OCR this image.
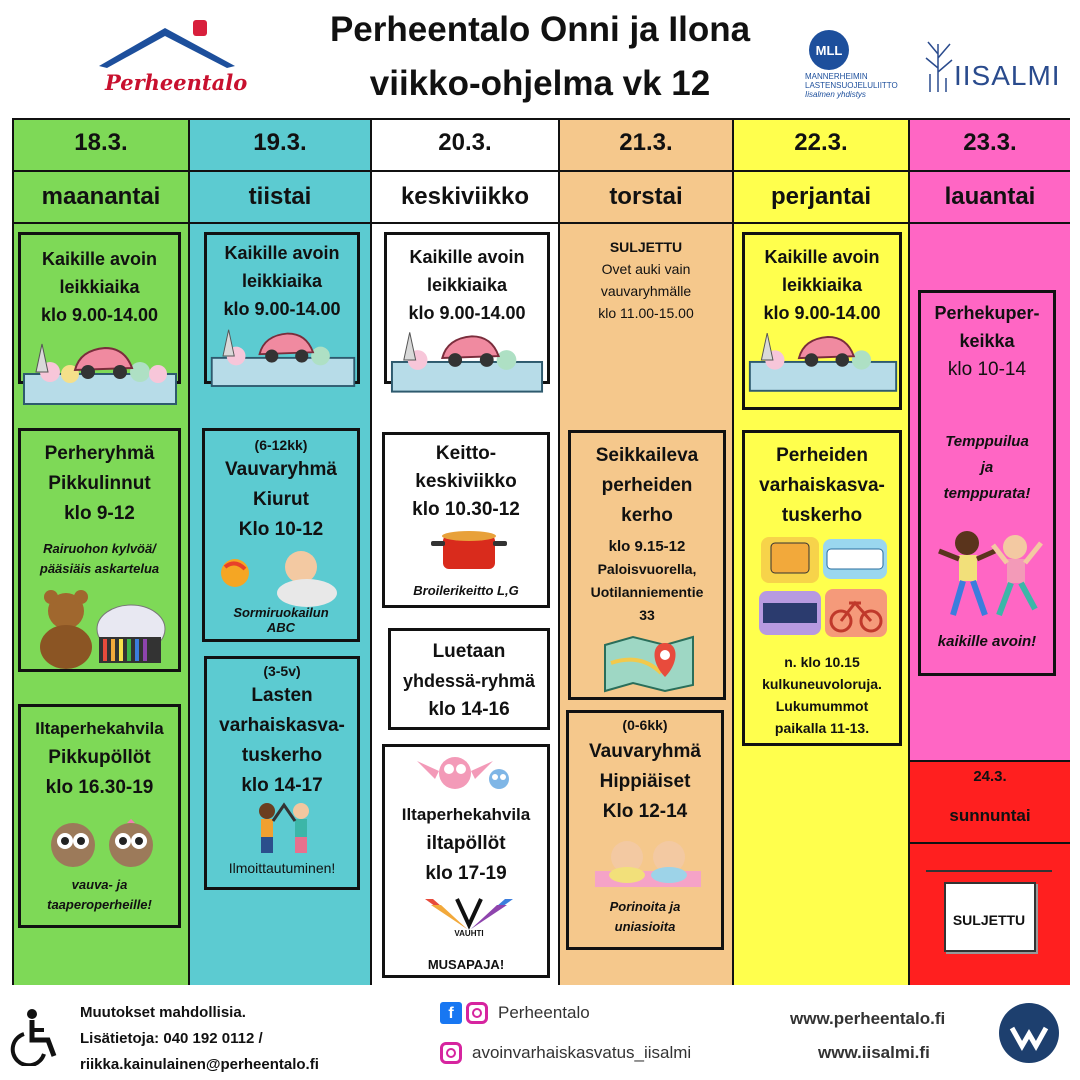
Perheentalo
Perheentalo Onni ja Ilona
viikko-ohjelma vk 12
MLL
MANNERHEIMIN
LASTENSUOJELULIITTO
Iisalmen yhdistys
IISALMI
18.3.
maanantai
Kaikille avoin
leikkiaika
klo 9.00-14.00
Perheryhmä
Pikkulinnut
klo 9-12
Rairuohon kylvöä/
pääsiäis askartelua
Iltaperhekahvila
Pikkupöllöt
klo 16.30-19
vauva- ja
taaperoperheille!
19.3.
tiistai
Kaikille avoin
leikkiaika
klo 9.00-14.00
(6-12kk)
Vauvaryhmä
Kiurut
Klo 10-12
Sormiruokailun
ABC
(3-5v)
Lasten
varhaiskasva-
tuskerho
klo 14-17
Ilmoittautuminen!
20.3.
keskiviikko
Kaikille avoin
leikkiaika
klo 9.00-14.00
Keitto-
keskiviikko
klo 10.30-12
Broilerikeitto L,G
Luetaan
yhdessä-ryhmä
klo 14-16
Iltaperhekahvila
iltapöllöt
klo 17-19
VAUHTI
MUSAPAJA!
21.3.
torstai
SULJETTU
Ovet auki vain
vauvaryhmälle
klo 11.00-15.00
Seikkaileva
perheiden
kerho
klo 9.15-12
Paloisvuorella,
Uotilanniementie
33
(0-6kk)
Vauvaryhmä
Hippiäiset
Klo 12-14
Porinoita ja
uniasioita
22.3.
perjantai
Kaikille avoin
leikkiaika
klo 9.00-14.00
Perheiden
varhaiskasva-
tuskerho
n. klo 10.15
kulkuneuvoloruja.
Lukumummot
paikalla 11-13.
23.3.
lauantai
Perhekuper-
keikka
klo 10-14
Temppuilua
ja
temppurata!
kaikille avoin!
24.3.
sunnuntai
SULJETTU
Muutokset mahdollisia.
Lisätietoja: 040 192 0112 /
riikka.kainulainen@perheentalo.fi
f	Perheentalo
avoinvarhaiskasvatus_iisalmi
www.perheentalo.fi
www.iisalmi.fi
